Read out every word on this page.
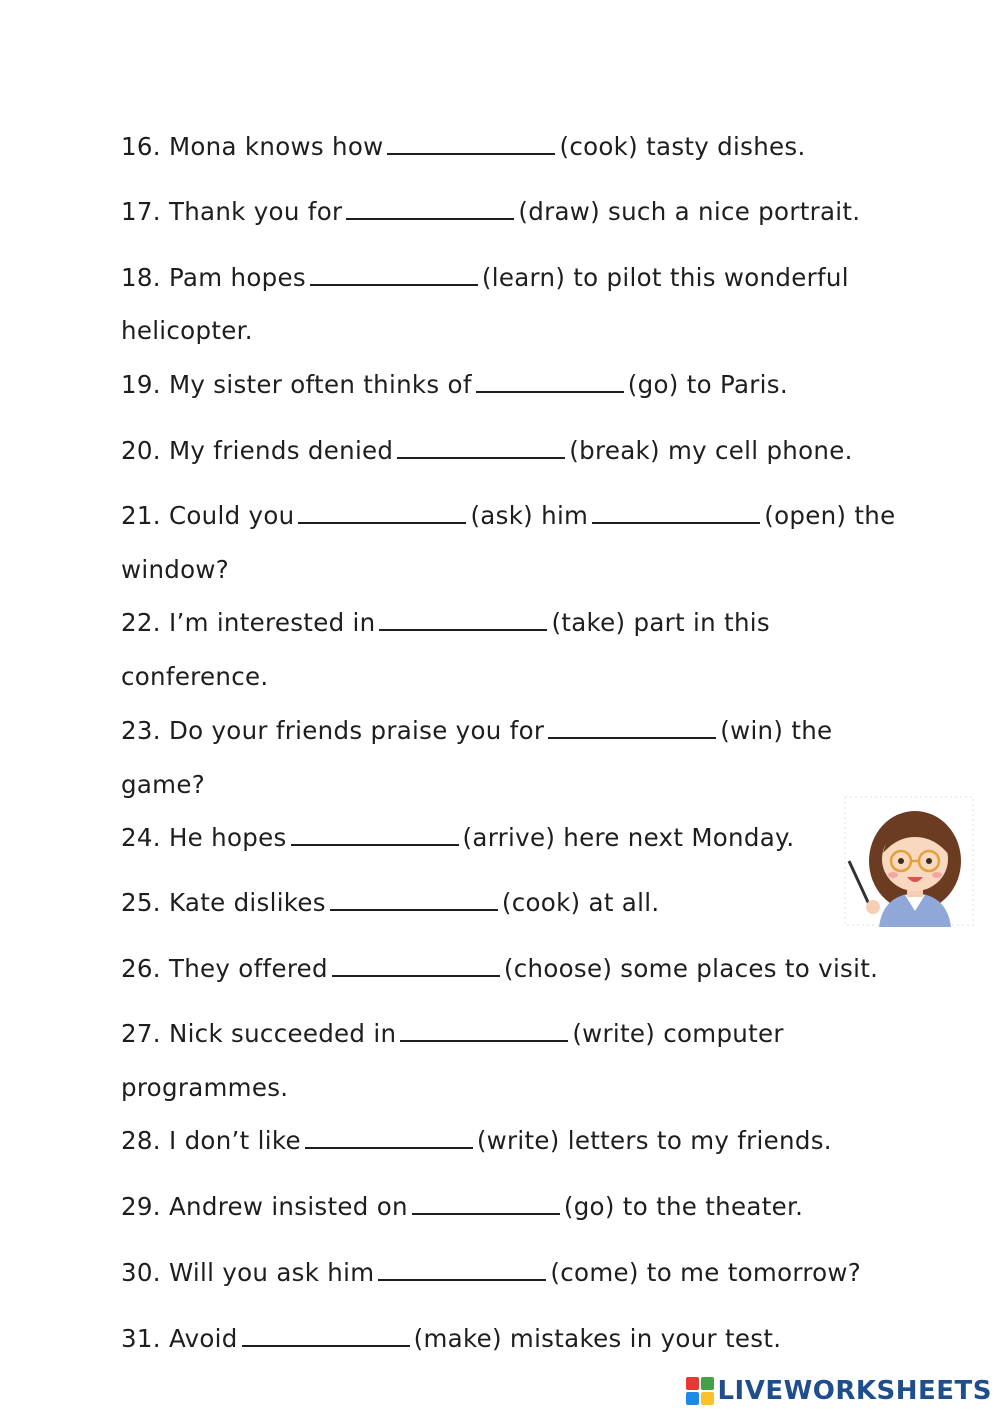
16. Mona knows how	(cook) tasty dishes.
17. Thank you for	(draw) such a nice portrait.
18. Pam hopes	(learn) to pilot this wonderful
helicopter.
19. My sister often thinks of	(go) to Paris.
20. My friends denied	(break) my cell phone.
21. Could you	(ask) him	(open) the
window?
22. I’m interested in	(take) part in this
conference.
23. Do your friends praise you for	(win) the
game?
24. He hopes	(arrive) here next Monday.
25. Kate dislikes	(cook) at all.
26. They offered	(choose) some places to visit.
27. Nick succeeded in	(write) computer
programmes.
28. I don’t like	(write) letters to my friends.
29. Andrew insisted on	(go) to the theater.
30. Will you ask him	(come) to me tomorrow?
31. Avoid	(make) mistakes in your test.
LIVEWORKSHEETS
